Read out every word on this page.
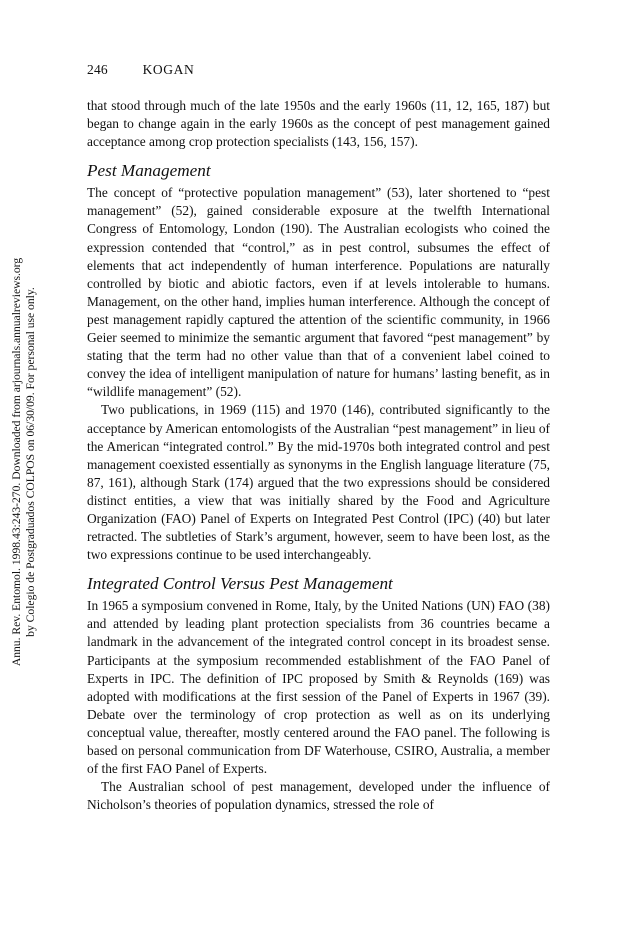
246	KOGAN
Annu. Rev. Entomol. 1998.43:243-270. Downloaded from arjournals.annualreviews.org by Colegio de Postgraduados COLPOS on 06/30/09. For personal use only.

that stood through much of the late 1950s and the early 1960s (11, 12, 165, 187) but began to change again in the early 1960s as the concept of pest management gained acceptance among crop protection specialists (143, 156, 157).

Pest Management

The concept of “protective population management” (53), later shortened to “pest management” (52), gained considerable exposure at the twelfth International Congress of Entomology, London (190). The Australian ecologists who coined the expression contended that “control,” as in pest control, subsumes the effect of elements that act independently of human interference. Populations are naturally controlled by biotic and abiotic factors, even if at levels intolerable to humans. Management, on the other hand, implies human interference. Although the concept of pest management rapidly captured the attention of the scientific community, in 1966 Geier seemed to minimize the semantic argument that favored “pest management” by stating that the term had no other value than that of a convenient label coined to convey the idea of intelligent manipulation of nature for humans’ lasting benefit, as in “wildlife management” (52).

Two publications, in 1969 (115) and 1970 (146), contributed significantly to the acceptance by American entomologists of the Australian “pest management” in lieu of the American “integrated control.” By the mid-1970s both integrated control and pest management coexisted essentially as synonyms in the English language literature (75, 87, 161), although Stark (174) argued that the two expressions should be considered distinct entities, a view that was initially shared by the Food and Agriculture Organization (FAO) Panel of Experts on Integrated Pest Control (IPC) (40) but later retracted. The subtleties of Stark’s argument, however, seem to have been lost, as the two expressions continue to be used interchangeably.

Integrated Control Versus Pest Management

In 1965 a symposium convened in Rome, Italy, by the United Nations (UN) FAO (38) and attended by leading plant protection specialists from 36 countries became a landmark in the advancement of the integrated control concept in its broadest sense. Participants at the symposium recommended establishment of the FAO Panel of Experts in IPC. The definition of IPC proposed by Smith & Reynolds (169) was adopted with modifications at the first session of the Panel of Experts in 1967 (39). Debate over the terminology of crop protection as well as on its underlying conceptual value, thereafter, mostly centered around the FAO panel. The following is based on personal communication from DF Waterhouse, CSIRO, Australia, a member of the first FAO Panel of Experts.

The Australian school of pest management, developed under the influence of Nicholson’s theories of population dynamics, stressed the role of
